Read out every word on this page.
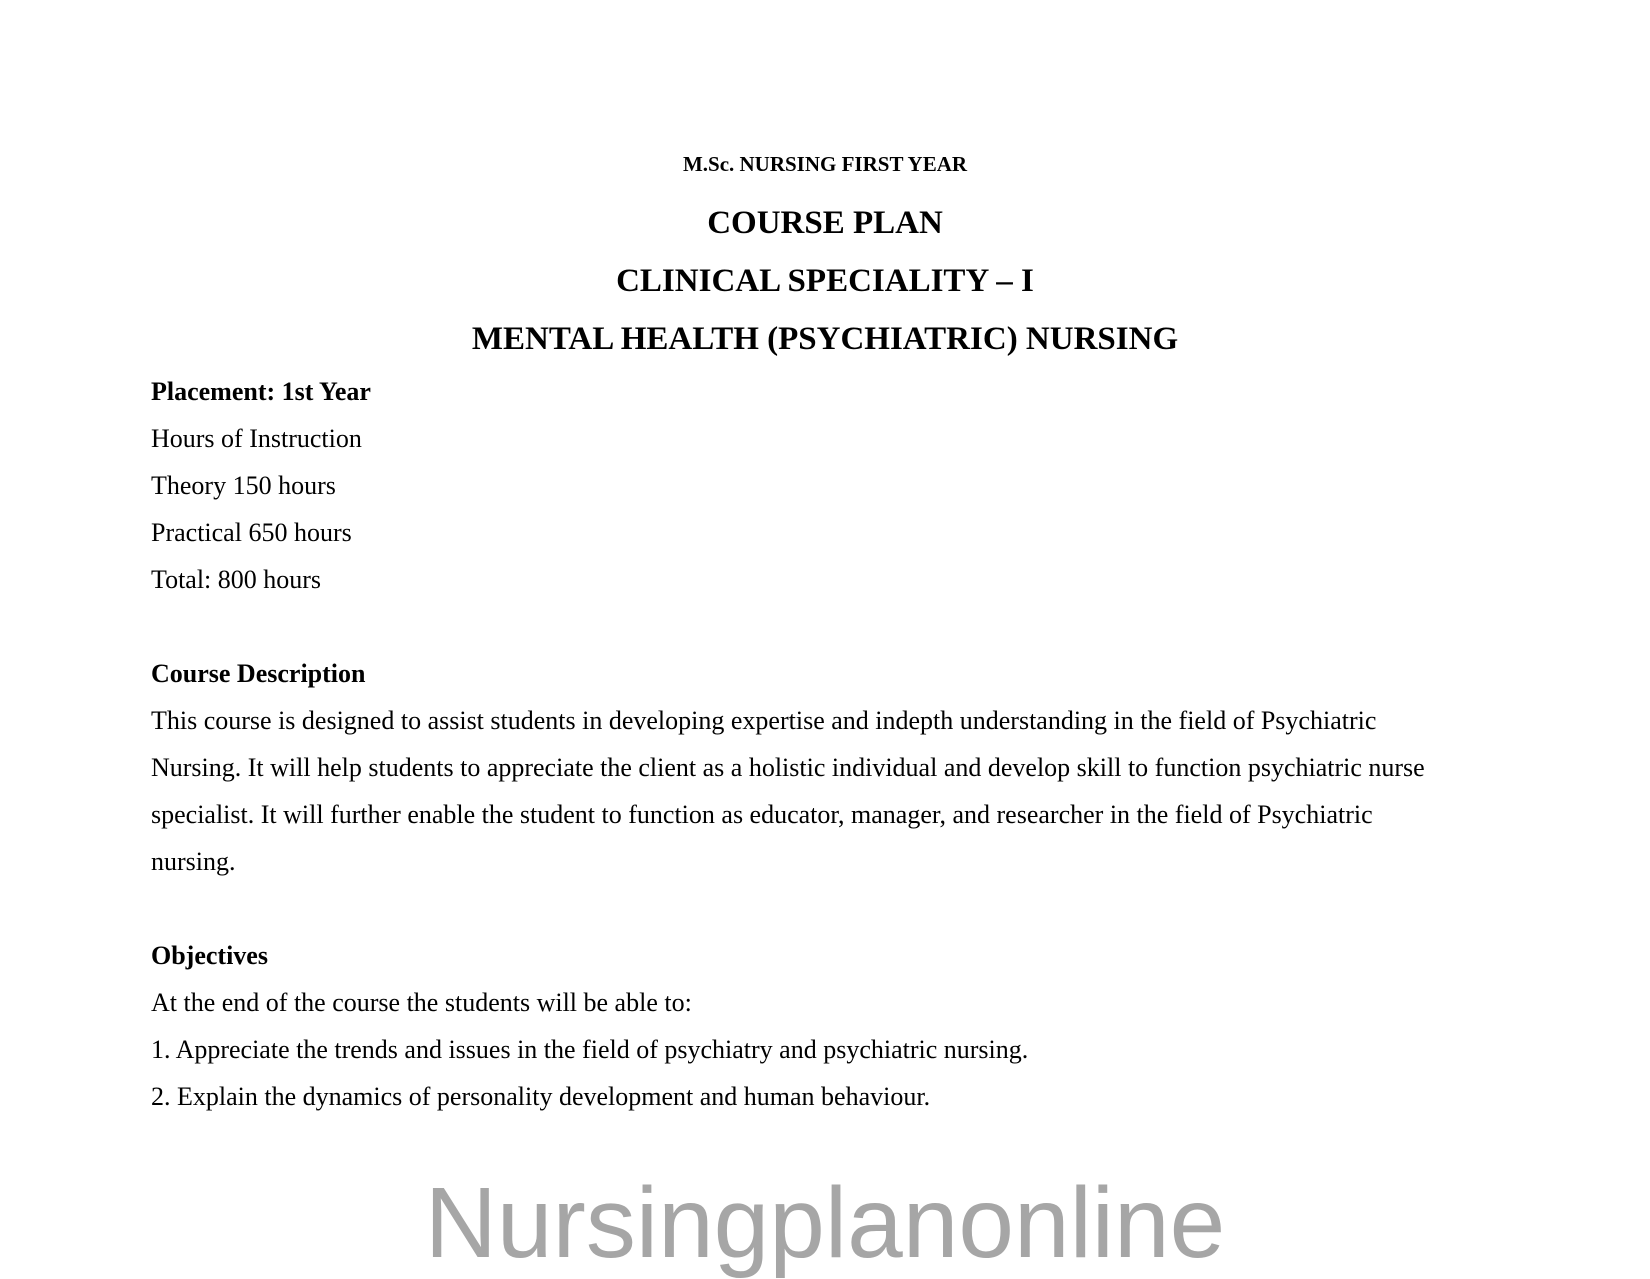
M.Sc. NURSING FIRST YEAR
COURSE PLAN
CLINICAL SPECIALITY – I
MENTAL HEALTH (PSYCHIATRIC) NURSING
Placement: 1st Year
Hours of Instruction
Theory 150 hours
Practical 650 hours
Total: 800 hours
Course Description
This course is designed to assist students in developing expertise and indepth understanding in the field of Psychiatric
Nursing. It will help students to appreciate the client as a holistic individual and develop skill to function psychiatric nurse
specialist. It will further enable the student to function as educator, manager, and researcher in the field of Psychiatric
nursing.
Objectives
At the end of the course the students will be able to:
1. Appreciate the trends and issues in the field of psychiatry and psychiatric nursing.
2. Explain the dynamics of personality development and human behaviour.
Nursingplanonline
